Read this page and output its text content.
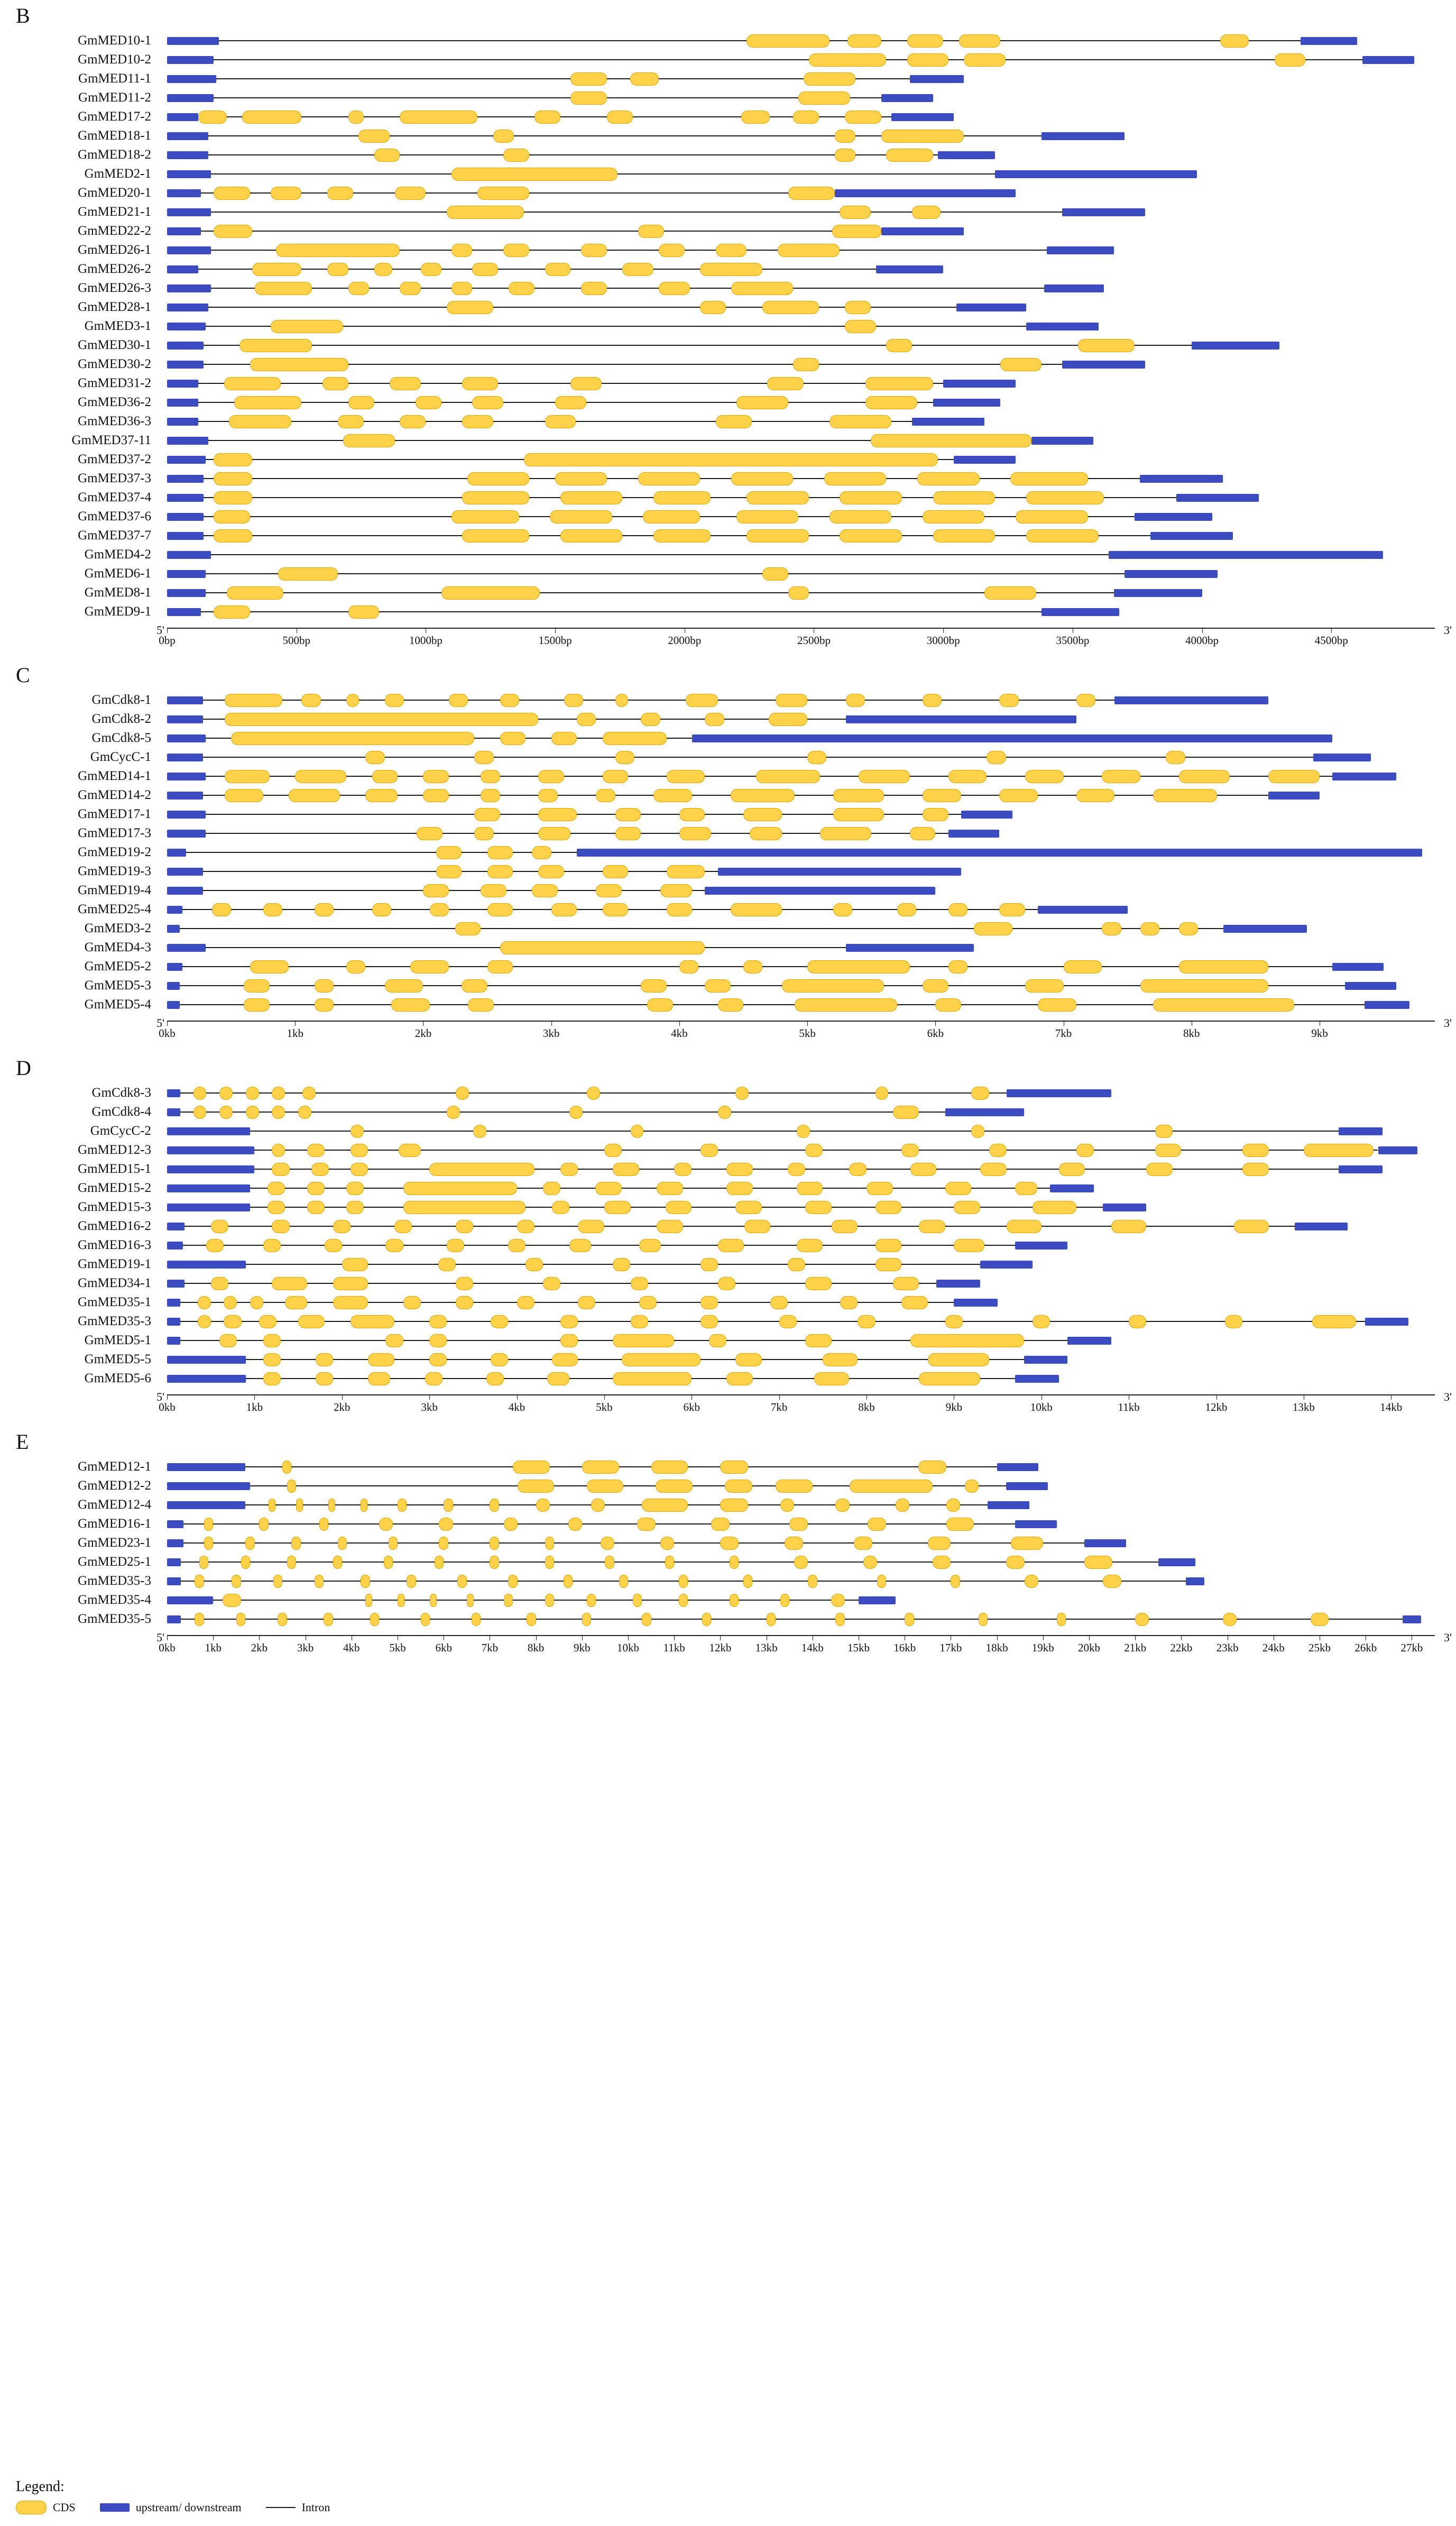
B
GmMED10-1
GmMED10-2
GmMED11-1
GmMED11-2
GmMED17-2
GmMED18-1
GmMED18-2
GmMED2-1
GmMED20-1
GmMED21-1
GmMED22-2
GmMED26-1
GmMED26-2
GmMED26-3
GmMED28-1
GmMED3-1
GmMED30-1
GmMED30-2
GmMED31-2
GmMED36-2
GmMED36-3
GmMED37-11
GmMED37-2
GmMED37-3
GmMED37-4
GmMED37-6
GmMED37-7
GmMED4-2
GmMED6-1
GmMED8-1
GmMED9-1
5'	3'
0bp	500bp	1000bp	1500bp	2000bp	2500bp	3000bp	3500bp	4000bp	4500bp
C
GmCdk8-1
GmCdk8-2
GmCdk8-5
GmCycC-1
GmMED14-1
GmMED14-2
GmMED17-1
GmMED17-3
GmMED19-2
GmMED19-3
GmMED19-4
GmMED25-4
GmMED3-2
GmMED4-3
GmMED5-2
GmMED5-3
GmMED5-4
5'	3'
0kb	1kb	2kb	3kb	4kb	5kb	6kb	7kb	8kb	9kb
D
GmCdk8-3
GmCdk8-4
GmCycC-2
GmMED12-3
GmMED15-1
GmMED15-2
GmMED15-3
GmMED16-2
GmMED16-3
GmMED19-1
GmMED34-1
GmMED35-1
GmMED35-3
GmMED5-1
GmMED5-5
GmMED5-6
5'	3'
0kb	1kb	2kb	3kb	4kb	5kb	6kb	7kb	8kb	9kb	10kb	11kb	12kb	13kb	14kb
E
GmMED12-1
GmMED12-2
GmMED12-4
GmMED16-1
GmMED23-1
GmMED25-1
GmMED35-3
GmMED35-4
GmMED35-5
5'	3'
0kb	1kb	2kb	3kb	4kb	5kb	6kb	7kb	8kb	9kb 10kb 11kb 12kb 13kb 14kb 15kb 16kb 17kb 18kb 19kb 20kb 21kb 22kb 23kb 24kb 25kb 26kb 27kb
Legend:
CDS	upstream/ downstream	Intron
